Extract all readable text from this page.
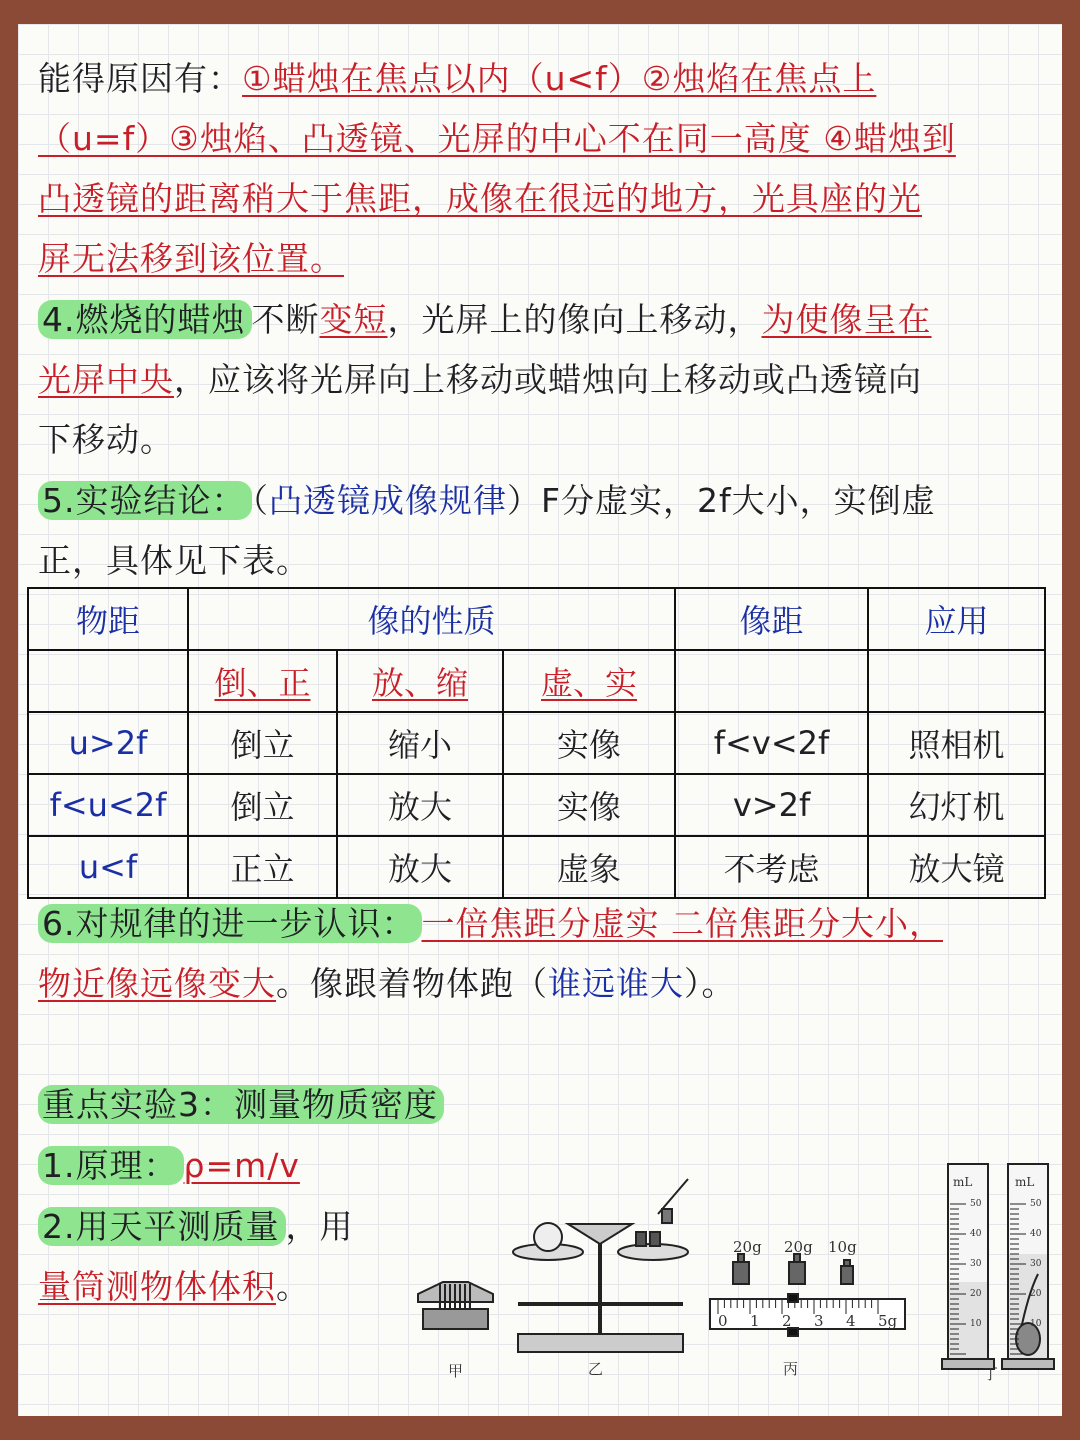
能得原因有：①蜡烛在焦点以内（u<f）②烛焰在焦点上
（u=f）③烛焰、凸透镜、光屏的中心不在同一高度 ④蜡烛到
凸透镜的距离稍大于焦距，成像在很远的地方，光具座的光
屏无法移到该位置。
4.燃烧的蜡烛 不断变短，光屏上的像向上移动，为使像呈在
光屏中央，应该将光屏向上移动或蜡烛向上移动或凸透镜向
下移动。
5.实验结论： （凸透镜成像规律）F分虚实，2f大小，实倒虚
正，具体见下表。
物距	像的性质			像距	应用
	倒、正	放、缩	虚、实		
u>2f	倒立	缩小	实像	f<v<2f	照相机
f<u<2f	倒立	放大	实像	v>2f	幻灯机
u<f	正立	放大	虚象	不考虑	放大镜
6.对规律的进一步认识： 一倍焦距分虚实 二倍焦距分大小，
物近像远像变大。像跟着物体跑（谁远谁大）。
重点实验3：测量物质密度
1.原理： ρ=m/v
2.用天平测质量 ，用
量筒测物体体积。
20g 20g 10g
0 1 2 3 4 5g
mL	mL
50
40
30
20
10
50
40
30
20
10
甲	乙	丙	丁
